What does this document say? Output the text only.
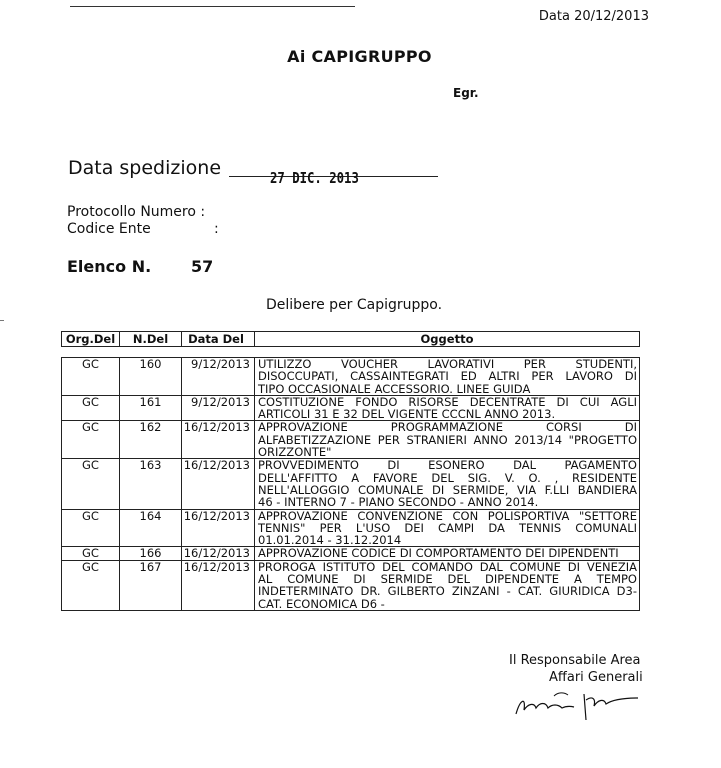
Data 20/12/2013
Ai CAPIGRUPPO
Egr.
Data spedizione	27 DIC. 2013
Protocollo Numero :
Codice Ente	:
Elenco N. 57
Delibere per Capigruppo.
Org.Del	N.Del	Data Del	Oggetto
GC	160	9/12/2013	UTILIZZO VOUCHER LAVORATIVI PER STUDENTI,
DISOCCUPATI, CASSAINTEGRATI ED ALTRI PER LAVORO DI
TIPO OCCASIONALE ACCESSORIO. LINEE GUIDA

GC	161	9/12/2013	COSTITUZIONE FONDO RISORSE DECENTRATE DI CUI AGLI
ARTICOLI 31 E 32 DEL VIGENTE CCCNL ANNO 2013.

GC	162	16/12/2013	APPROVAZIONE PROGRAMMAZIONE CORSI DI
ALFABETIZZAZIONE PER STRANIERI ANNO 2013/14 "PROGETTO
ORIZZONTE"

GC	163	16/12/2013	PROVVEDIMENTO DI ESONERO DAL PAGAMENTO
DELL'AFFITTO A FAVORE DEL SIG. V. O. , RESIDENTE
NELL'ALLOGGIO COMUNALE DI SERMIDE, VIA F.LLI BANDIERA
46 - INTERNO 7 - PIANO SECONDO - ANNO 2014.

GC	164	16/12/2013	APPROVAZIONE CONVENZIONE CON POLISPORTIVA "SETTORE
TENNIS" PER L'USO DEI CAMPI DA TENNIS COMUNALI
01.01.2014 - 31.12.2014

GC	166	16/12/2013	APPROVAZIONE CODICE DI COMPORTAMENTO DEI DIPENDENTI

GC	167	16/12/2013	PROROGA ISTITUTO DEL COMANDO DAL COMUNE DI VENEZIA
AL COMUNE DI SERMIDE DEL DIPENDENTE A TEMPO
INDETERMINATO DR. GILBERTO ZINZANI - CAT. GIURIDICA D3-
CAT. ECONOMICA D6 -
Il Responsabile Area
Affari Generali
